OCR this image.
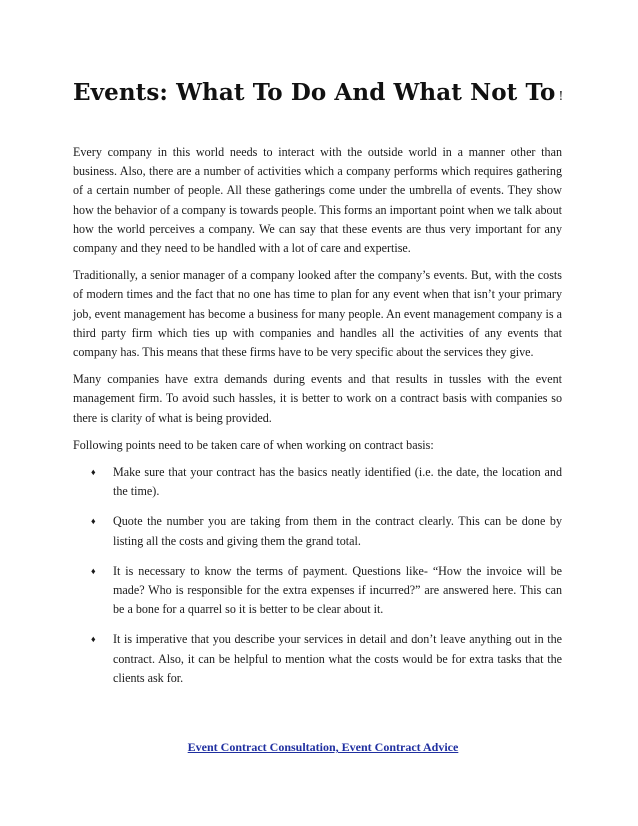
Events: What To Do And What Not To !

Every company in this world needs to interact with the outside world in a manner other than business. Also, there are a number of activities which a company performs which requires gathering of a certain number of people. All these gatherings come under the umbrella of events. They show how the behavior of a company is towards people. This forms an important point when we talk about how the world perceives a company. We can say that these events are thus very important for any company and they need to be handled with a lot of care and expertise.

Traditionally, a senior manager of a company looked after the company’s events. But, with the costs of modern times and the fact that no one has time to plan for any event when that isn’t your primary job, event management has become a business for many people. An event management company is a third party firm which ties up with companies and handles all the activities of any events that company has. This means that these firms have to be very specific about the services they give.

Many companies have extra demands during events and that results in tussles with the event management firm. To avoid such hassles, it is better to work on a contract basis with companies so there is clarity of what is being provided.

Following points need to be taken care of when working on contract basis:

♦ Make sure that your contract has the basics neatly identified (i.e. the date, the location and the time).
♦ Quote the number you are taking from them in the contract clearly. This can be done by listing all the costs and giving them the grand total.
♦ It is necessary to know the terms of payment. Questions like- “How the invoice will be made? Who is responsible for the extra expenses if incurred?” are answered here. This can be a bone for a quarrel so it is better to be clear about it.
♦ It is imperative that you describe your services in detail and don’t leave anything out in the contract. Also, it can be helpful to mention what the costs would be for extra tasks that the clients ask for.
Event Contract Consultation, Event Contract Advice
